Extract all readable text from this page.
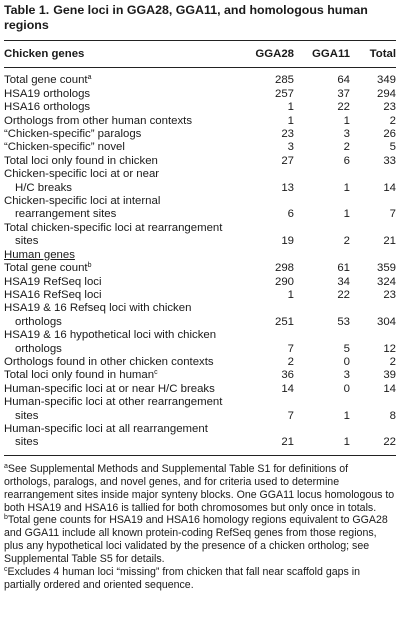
Table 1. Gene loci in GGA28, GGA11, and homologous human regions
Chicken genes	GGA28	GGA11	Total
Total gene count$^a$	285	64	349
HSA19 orthologs	257	37	294
HSA16 orthologs	1	22	23
Orthologs from other human contexts	1	1	2
“Chicken-specific” paralogs	23	3	26
“Chicken-specific” novel	3	2	5
Total loci only found in chicken	27	6	33
Chicken-specific loci at or near
H/C breaks	13	1	14
Chicken-specific loci at internal
rearrangement sites	6	1	7
Total chicken-specific loci at rearrangement
sites	19	2	21
Human genes			
Total gene count$^b$	298	61	359
HSA19 RefSeq loci	290	34	324
HSA16 RefSeq loci	1	22	23
HSA19 & 16 Refseq loci with chicken
orthologs	251	53	304
HSA19 & 16 hypothetical loci with chicken
orthologs	7	5	12
Orthologs found in other chicken contexts	2	0	2
Total loci only found in human$^c$	36	3	39
Human-specific loci at or near H/C breaks	14	0	14
Human-specific loci at other rearrangement
sites	7	1	8
Human-specific loci at all rearrangement
sites	21	1	22

$^a$See Supplemental Methods and Supplemental Table S1 for definitions of orthologs, paralogs, and novel genes, and for criteria used to determine rearrangement sites inside major synteny blocks. One GGA11 locus homologous to both HSA19 and HSA16 is tallied for both chromosomes but only once in totals.

$^b$Total gene counts for HSA19 and HSA16 homology regions equivalent to GGA28 and GGA11 include all known protein-coding RefSeq genes from those regions, plus any hypothetical loci validated by the presence of a chicken ortholog; see Supplemental Table S5 for details.

$^c$Excludes 4 human loci “missing” from chicken that fall near scaffold gaps in partially ordered and oriented sequence.
